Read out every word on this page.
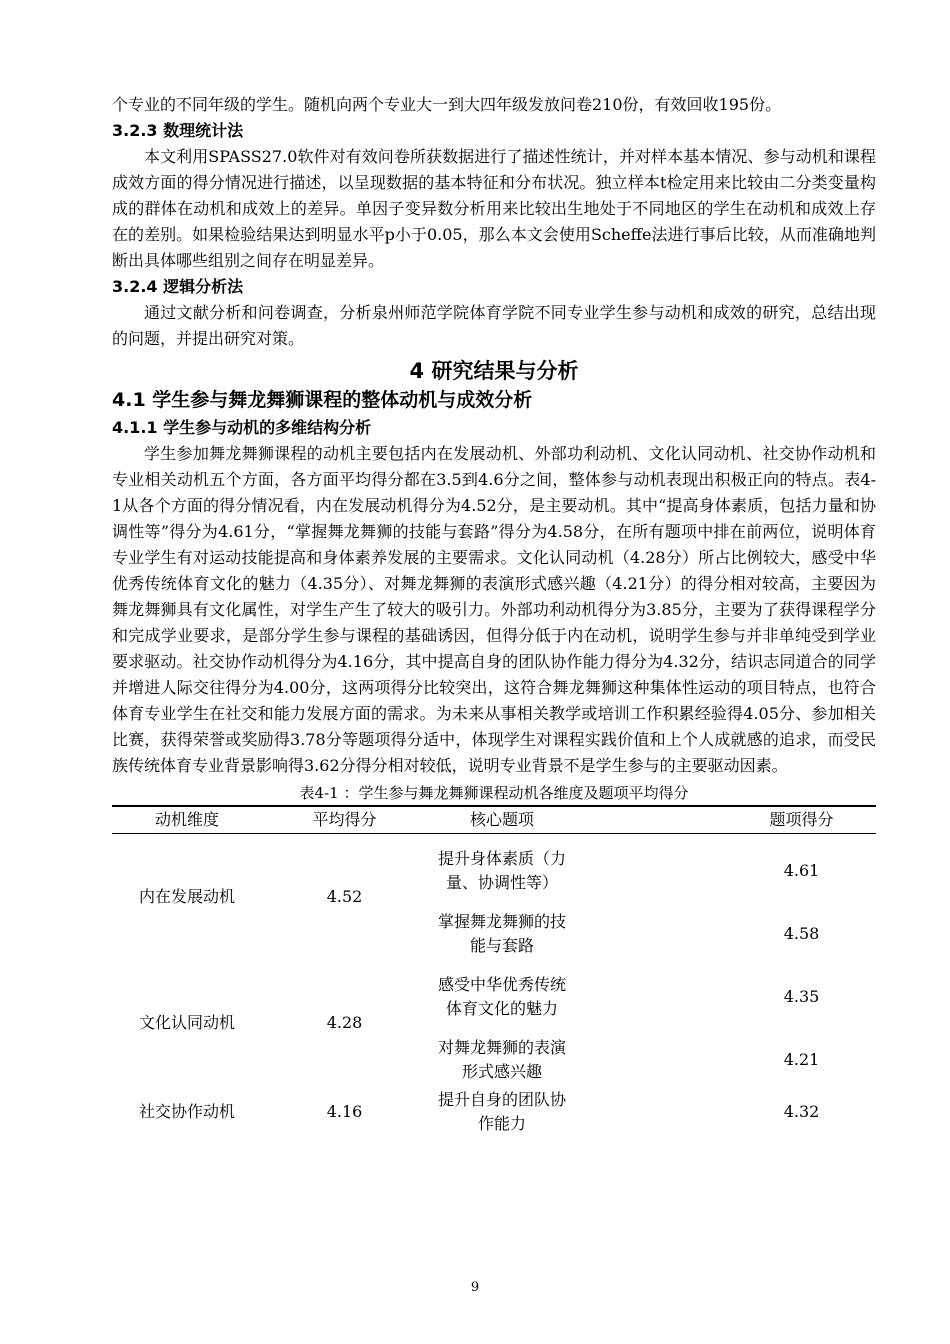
个专业的不同年级的学生。随机向两个专业大一到大四年级发放问卷210份，有效回收195份。

3.2.3 数理统计法

本文利用SPASS27.0软件对有效问卷所获数据进行了描述性统计，并对样本基本情况、参与动机和课程成效方面的得分情况进行描述，以呈现数据的基本特征和分布状况。独立样本t检定用来比较由二分类变量构成的群体在动机和成效上的差异。单因子变异数分析用来比较出生地处于不同地区的学生在动机和成效上存在的差别。如果检验结果达到明显水平p小于0.05，那么本文会使用Scheffe法进行事后比较，从而准确地判断出具体哪些组别之间存在明显差异。

3.2.4 逻辑分析法

通过文献分析和问卷调查，分析泉州师范学院体育学院不同专业学生参与动机和成效的研究，总结出现的问题，并提出研究对策。

4 研究结果与分析
4.1 学生参与舞龙舞狮课程的整体动机与成效分析
4.1.1 学生参与动机的多维结构分析

学生参加舞龙舞狮课程的动机主要包括内在发展动机、外部功利动机、文化认同动机、社交协作动机和专业相关动机五个方面，各方面平均得分都在3.5到4.6分之间，整体参与动机表现出积极正向的特点。表4-1从各个方面的得分情况看，内在发展动机得分为4.52分，是主要动机。其中“提高身体素质，包括力量和协调性等”得分为4.61分，“掌握舞龙舞狮的技能与套路”得分为4.58分，在所有题项中排在前两位，说明体育专业学生有对运动技能提高和身体素养发展的主要需求。文化认同动机（4.28分）所占比例较大，感受中华优秀传统体育文化的魅力（4.35分）、对舞龙舞狮的表演形式感兴趣（4.21分）的得分相对较高，主要因为舞龙舞狮具有文化属性，对学生产生了较大的吸引力。外部功利动机得分为3.85分，主要为了获得课程学分和完成学业要求，是部分学生参与课程的基础诱因，但得分低于内在动机，说明学生参与并非单纯受到学业要求驱动。社交协作动机得分为4.16分，其中提高自身的团队协作能力得分为4.32分，结识志同道合的同学并增进人际交往得分为4.00分，这两项得分比较突出，这符合舞龙舞狮这种集体性运动的项目特点，也符合体育专业学生在社交和能力发展方面的需求。为未来从事相关教学或培训工作积累经验得4.05分、参加相关比赛，获得荣誉或奖励得3.78分等题项得分适中，体现学生对课程实践价值和上个人成就感的追求，而受民族传统体育专业背景影响得3.62分得分相对较低，说明专业背景不是学生参与的主要驱动因素。

表4-1 ：学生参与舞龙舞狮课程动机各维度及题项平均得分
动机维度	平均得分	核心题项		题项得分
内在发展动机	4.52	提升身体素质（力量、协调性等）		4.61
		掌握舞龙舞狮的技能与套路		4.58
文化认同动机	4.28	感受中华优秀传统体育文化的魅力		4.35
		对舞龙舞狮的表演形式感兴趣		4.21
社交协作动机	4.16	提升自身的团队协作能力		4.32
9
